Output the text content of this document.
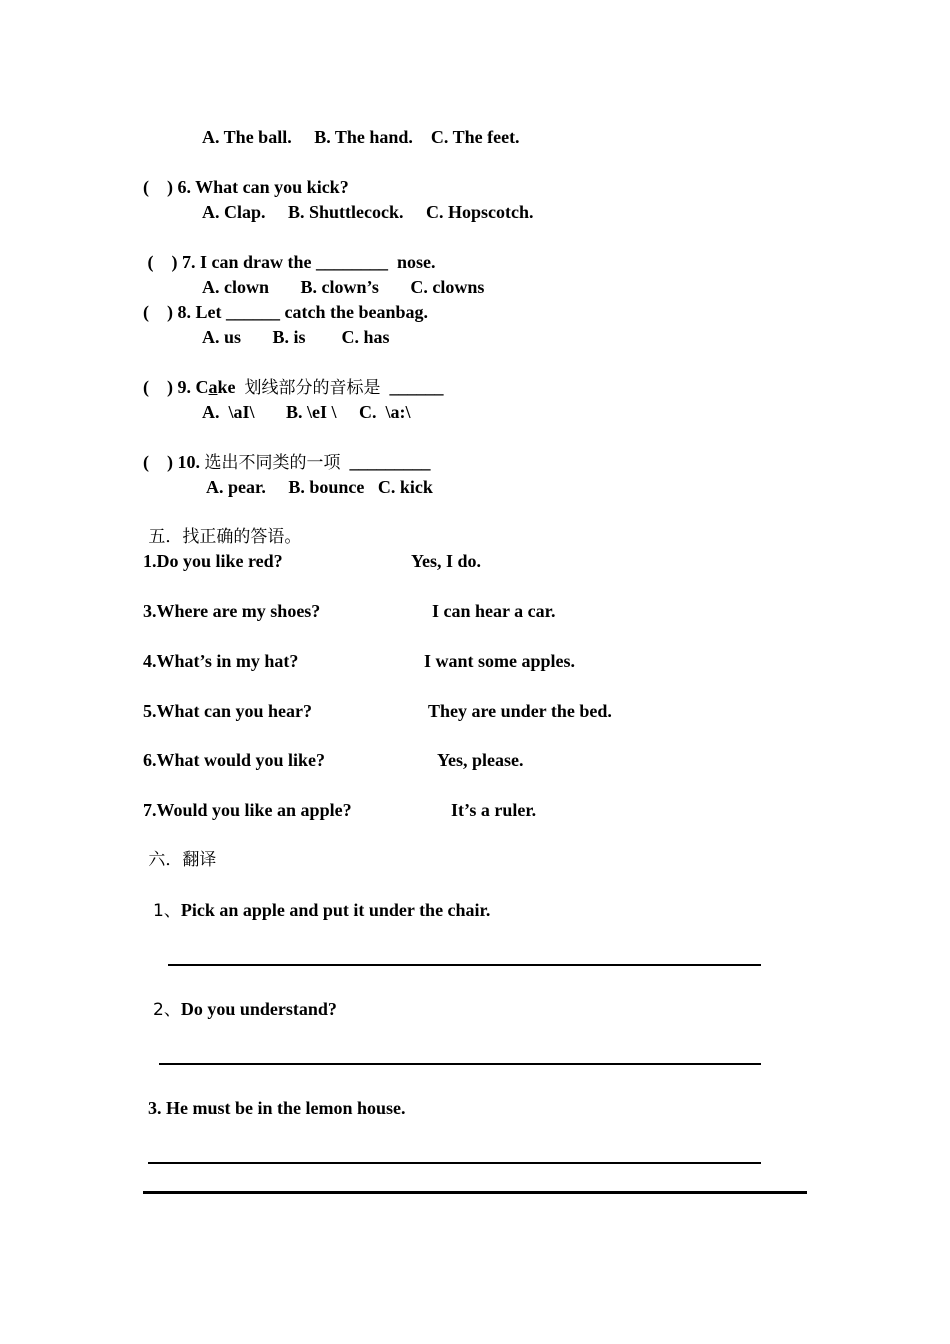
A. The ball.     B. The hand.    C. The feet.
(    ) 6. What can you kick?
A. Clap.     B. Shuttlecock.     C. Hopscotch.
(    ) 7. I can draw the ________  nose.
A. clown       B. clown’s       C. clowns
(    ) 8. Let ______ catch the beanbag.
A. us       B. is        C. has
(    ) 9. Cake  划线部分的音标是  ______
A.  \aI\       B. \eI \     C.  \a:\
(    ) 10. 选出不同类的一项  _________
A. pear.     B. bounce   C. kick
五．找正确的答语。
1.Do you like red?	Yes, I do.
3.Where are my shoes?	I can hear a car.
4.What’s in my hat?	I want some apples.
5.What can you hear?	They are under the bed.
6.What would you like?	Yes, please.
7.Would you like an apple?	It’s a ruler.
六．翻译
1、Pick an apple and put it under the chair.
2、Do you understand?
3. He must be in the lemon house.
